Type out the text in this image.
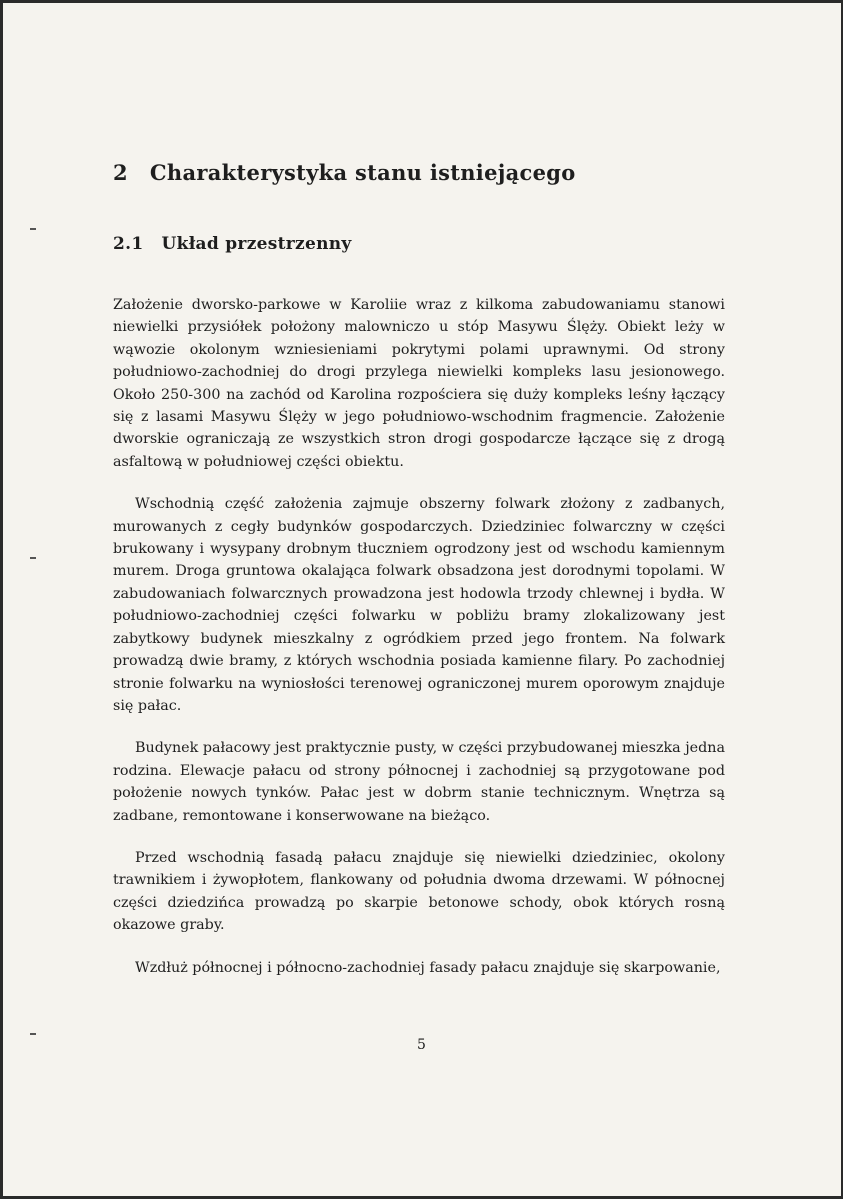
2 Charakterystyka stanu istniejącego
2.1 Układ przestrzenny

Założenie dworsko-parkowe w Karoliie wraz z kilkoma zabudowaniamu stanowi niewielki przysiółek położony malowniczo u stóp Masywu Ślęży. Obiekt leży w wąwozie okolonym wzniesieniami pokrytymi polami uprawnymi. Od strony południowo-zachodniej do drogi przylega niewielki kompleks lasu jesionowego. Około 250-300 na zachód od Karolina rozpościera się duży kompleks leśny łączący się z lasami Masywu Ślęży w jego południowo-wschodnim fragmencie. Założenie dworskie ograniczają ze wszystkich stron drogi gospodarcze łączące się z drogą asfaltową w południowej części obiektu.

Wschodnią część założenia zajmuje obszerny folwark złożony z zadbanych, murowanych z cegły budynków gospodarczych. Dziedziniec folwarczny w części brukowany i wysypany drobnym tłuczniem ogrodzony jest od wschodu kamiennym murem. Droga gruntowa okalająca folwark obsadzona jest dorodnymi topolami. W zabudowaniach folwarcznych prowadzona jest hodowla trzody chlewnej i bydła. W południowo-zachodniej części folwarku w pobliżu bramy zlokalizowany jest zabytkowy budynek mieszkalny z ogródkiem przed jego frontem. Na folwark prowadzą dwie bramy, z których wschodnia posiada kamienne filary. Po zachodniej stronie folwarku na wyniosłości terenowej ograniczonej murem oporowym znajduje się pałac.

Budynek pałacowy jest praktycznie pusty, w części przybudowanej mieszka jedna rodzina. Elewacje pałacu od strony północnej i zachodniej są przygotowane pod położenie nowych tynków. Pałac jest w dobrm stanie technicznym. Wnętrza są zadbane, remontowane i konserwowane na bieżąco.

Przed wschodnią fasadą pałacu znajduje się niewielki dziedziniec, okolony trawnikiem i żywopłotem, flankowany od południa dwoma drzewami. W północnej części dziedzińca prowadzą po skarpie betonowe schody, obok których rosną okazowe graby.

Wzdłuż północnej i północno-zachodniej fasady pałacu znajduje się skarpowanie,

5
